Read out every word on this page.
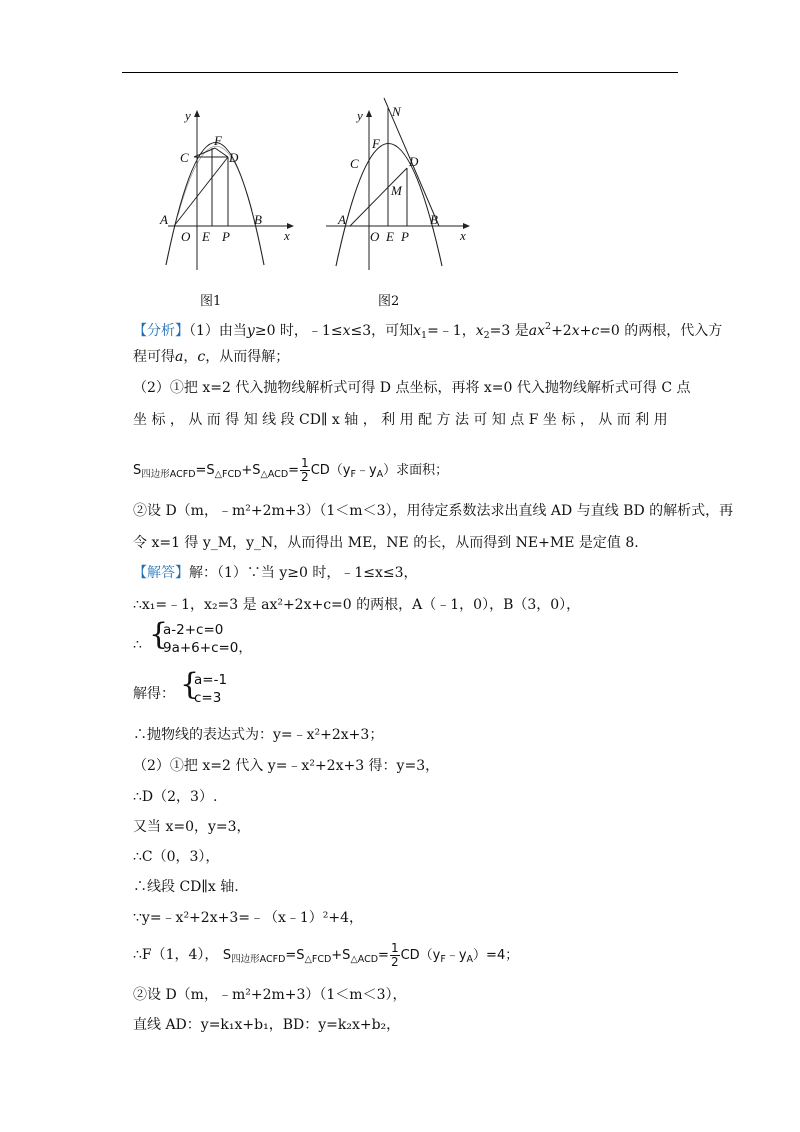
y
x
C
F
D
A	B
O E P
图1
y
x
N
F
C	D
M
A	B
O E P
图2
【分析】（1）由当y≥0 时，﹣1≤x≤3，可知$x_1=﹣1$，$x_2=3$ 是$ax^2+2x+c=0$ 的两根，代入方
程可得a，c，从而得解；
（2）①把 x=2 代入抛物线解析式可得 D 点坐标，再将 x=0 代入抛物线解析式可得 C 点
坐 标 ， 从 而 得 知 线 段 CD∥ x 轴 ， 利 用 配 方 法 可 知 点 F 坐 标 ， 从 而 利 用
$S_{四边形ACFD}=S_{\triangle FCD}+S_{\triangle ACD}= \frac{1}{2}$ $CD(y_F﹣y_A)$求面积；
②设 D（m，﹣m²+2m+3）（1＜m＜3），用待定系数法求出直线 AD 与直线 BD 的解析式，再
令 x=1 得 y_M，y_N，从而得出 ME，NE 的长，从而得到 NE+ME 是定值 8.
【解答】解：（1）∵当 y≥0 时，﹣1≤x≤3，
∴x₁=﹣1，x₂=3 是 ax²+2x+c=0 的两根，A（﹣1，0），B（3，0），
∴ {
a-2+c=0
9a+6+c=0，
解得： {
a=-1
c=3
∴抛物线的表达式为：y=﹣x²+2x+3；
（2）①把 x=2 代入 y=﹣x²+2x+3 得：y=3，
∴D（2，3）.
又当 x=0，y=3，
∴C（0，3），
∴线段 CD∥x 轴.
∵y=﹣x²+2x+3=﹣（x﹣1）²+4，
∴F（1，4）， $S_{四边形ACFD}=S_{\triangle FCD}+S_{\triangle ACD}= \frac{1}{2}$ $CD(y_F﹣y_A)=4$；
②设 D（m，﹣m²+2m+3）（1＜m＜3），
直线 AD：y=k₁x+b₁，BD：y=k₂x+b₂，
